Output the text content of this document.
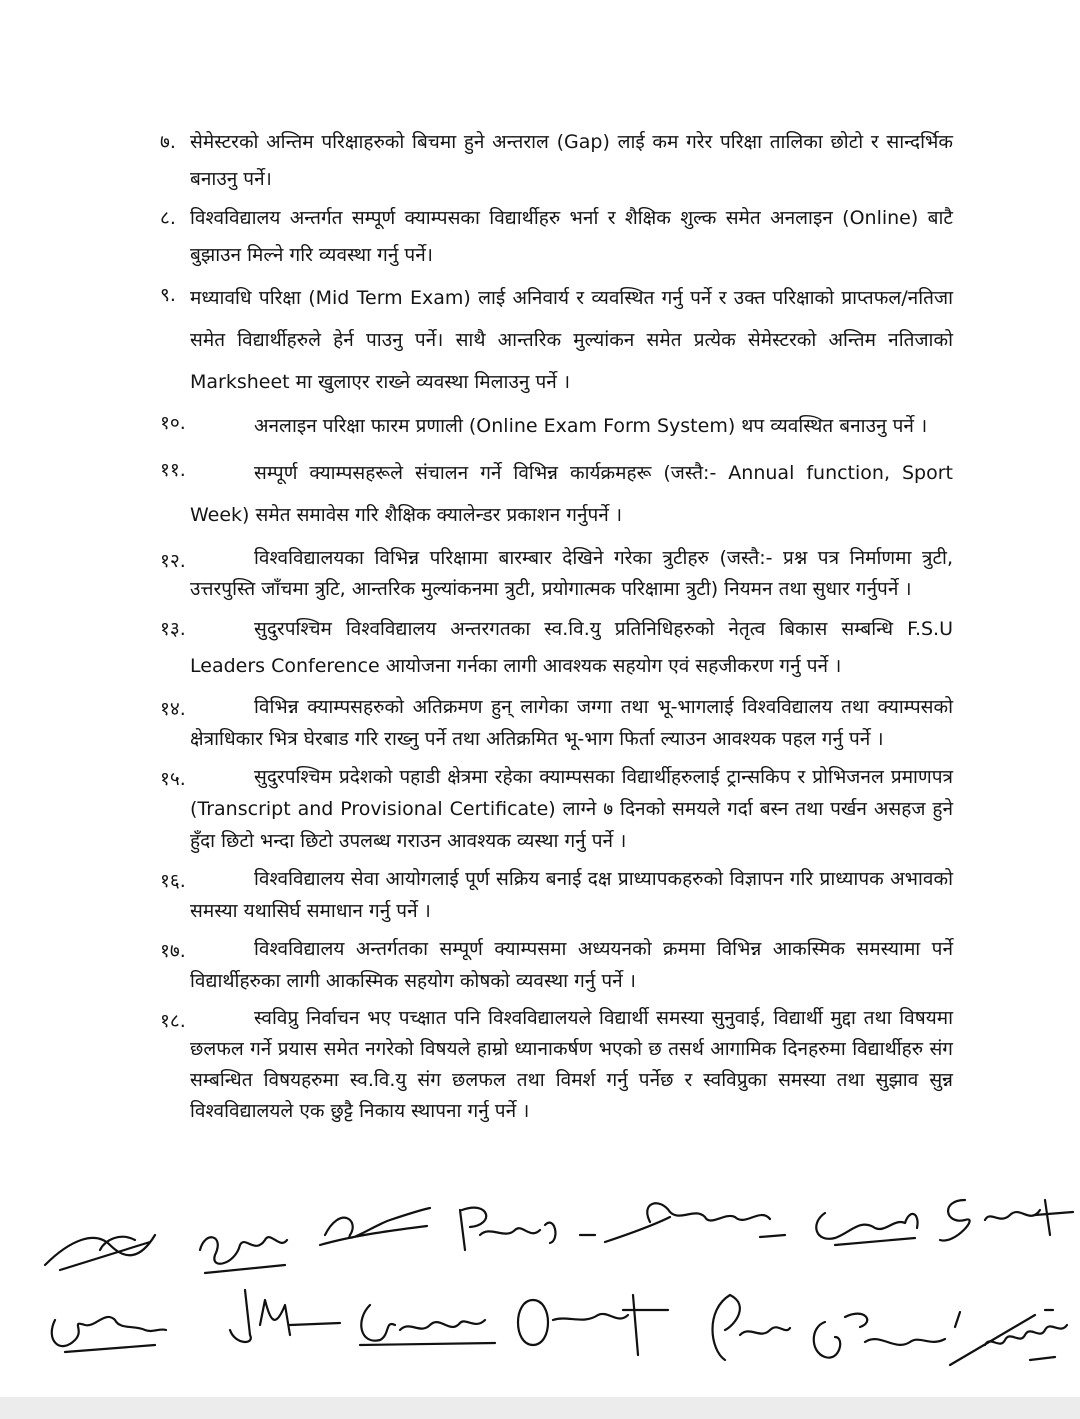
७. सेमेस्टरको अन्तिम परिक्षाहरुको बिचमा हुने अन्तराल (Gap) लाई कम गरेर परिक्षा तालिका छोटो र सान्दर्भिक बनाउनु पर्ने।
८. विश्वविद्यालय अन्तर्गत सम्पूर्ण क्याम्पसका विद्यार्थीहरु भर्ना र शैक्षिक शुल्क समेत अनलाइन (Online) बाटै बुझाउन मिल्ने गरि व्यवस्था गर्नु पर्ने।
९. मध्यावधि परिक्षा (Mid Term Exam) लाई अनिवार्य र व्यवस्थित गर्नु पर्ने र उक्त परिक्षाको प्राप्तफल/नतिजा समेत विद्यार्थीहरुले हेर्न पाउनु पर्ने। साथै आन्तरिक मुल्यांकन समेत प्रत्येक सेमेस्टरको अन्तिम नतिजाको Marksheet मा खुलाएर राख्ने व्यवस्था मिलाउनु पर्ने ।
१०.	अनलाइन परिक्षा फारम प्रणाली (Online Exam Form System) थप व्यवस्थित बनाउनु पर्ने ।
११.	सम्पूर्ण क्याम्पसहरूले संचालन गर्ने विभिन्न कार्यक्रमहरू (जस्तै:- Annual function, Sport Week) समेत समावेस गरि शैक्षिक क्यालेन्डर प्रकाशन गर्नुपर्ने ।
१२.	विश्वविद्यालयका विभिन्न परिक्षामा बारम्बार देखिने गरेका त्रुटीहरु (जस्तै:- प्रश्न पत्र निर्माणमा त्रुटी, उत्तरपुस्ति जाँचमा त्रुटि, आन्तरिक मुल्यांकनमा त्रुटी, प्रयोगात्मक परिक्षामा त्रुटी) नियमन तथा सुधार गर्नुपर्ने ।
१३.	सुदुरपश्चिम विश्वविद्यालय अन्तरगतका स्व.वि.यु प्रतिनिधिहरुको नेतृत्व बिकास सम्बन्धि F.S.U Leaders Conference आयोजना गर्नका लागी आवश्यक सहयोग एवं सहजीकरण गर्नु पर्ने ।
१४.	विभिन्न क्याम्पसहरुको अतिक्रमण हुन् लागेका जग्गा तथा भू-भागलाई विश्वविद्यालय तथा क्याम्पसको क्षेत्राधिकार भित्र घेरबाड गरि राख्नु पर्ने तथा अतिक्रमित भू-भाग फिर्ता ल्याउन आवश्यक पहल गर्नु पर्ने ।
१५.	सुदुरपश्चिम प्रदेशको पहाडी क्षेत्रमा रहेका क्याम्पसका विद्यार्थीहरुलाई ट्रान्सकिप र प्रोभिजनल प्रमाणपत्र (Transcript and Provisional Certificate) लाग्ने ७ दिनको समयले गर्दा बस्न तथा पर्खन असहज हुने हुँदा छिटो भन्दा छिटो उपलब्ध गराउन आवश्यक व्यस्था गर्नु पर्ने ।
१६.	विश्वविद्यालय सेवा आयोगलाई पूर्ण सक्रिय बनाई दक्ष प्राध्यापकहरुको विज्ञापन गरि प्राध्यापक अभावको समस्या यथासिर्घ समाधान गर्नु पर्ने ।
१७.	विश्वविद्यालय अन्तर्गतका सम्पूर्ण क्याम्पसमा अध्ययनको क्रममा विभिन्न आकस्मिक समस्यामा पर्ने विद्यार्थीहरुका लागी आकस्मिक सहयोग कोषको व्यवस्था गर्नु पर्ने ।
१८.	स्वविप्रु निर्वाचन भए पच्क्षात पनि विश्वविद्यालयले विद्यार्थी समस्या सुनुवाई, विद्यार्थी मुद्दा तथा विषयमा छलफल गर्ने प्रयास समेत नगरेको विषयले हाम्रो ध्यानाकर्षण भएको छ तसर्थ आगामिक दिनहरुमा विद्यार्थीहरु संग सम्बन्धित विषयहरुमा स्व.वि.यु संग छलफल तथा विमर्श गर्नु पर्नेछ र स्वविप्रुका समस्या तथा सुझाव सुन्न विश्वविद्यालयले एक छुट्टै निकाय स्थापना गर्नु पर्ने ।
